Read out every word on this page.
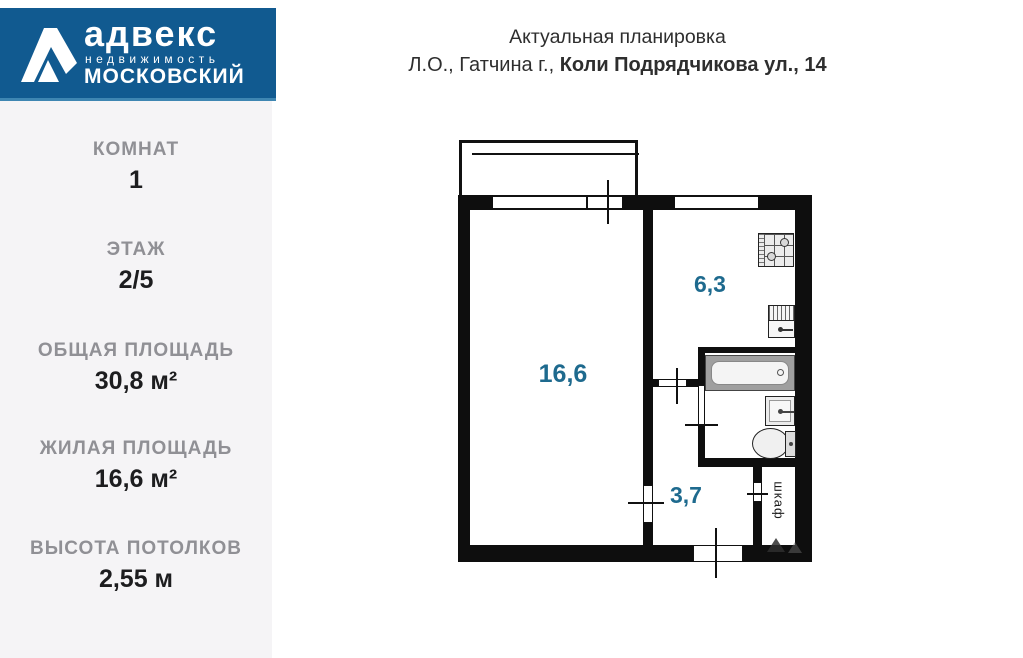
адвекс
недвижимость
МОСКОВСКИЙ
Актуальная планировка
Л.О., Гатчина г., Коли Подрядчикова ул., 14
КОМНАТ
1
ЭТАЖ
2/5
ОБЩАЯ ПЛОЩАДЬ
30,8 м²
ЖИЛАЯ ПЛОЩАДЬ
16,6 м²
ВЫСОТА ПОТОЛКОВ
2,55 м
16,6
6,3
3,7	шкаф
